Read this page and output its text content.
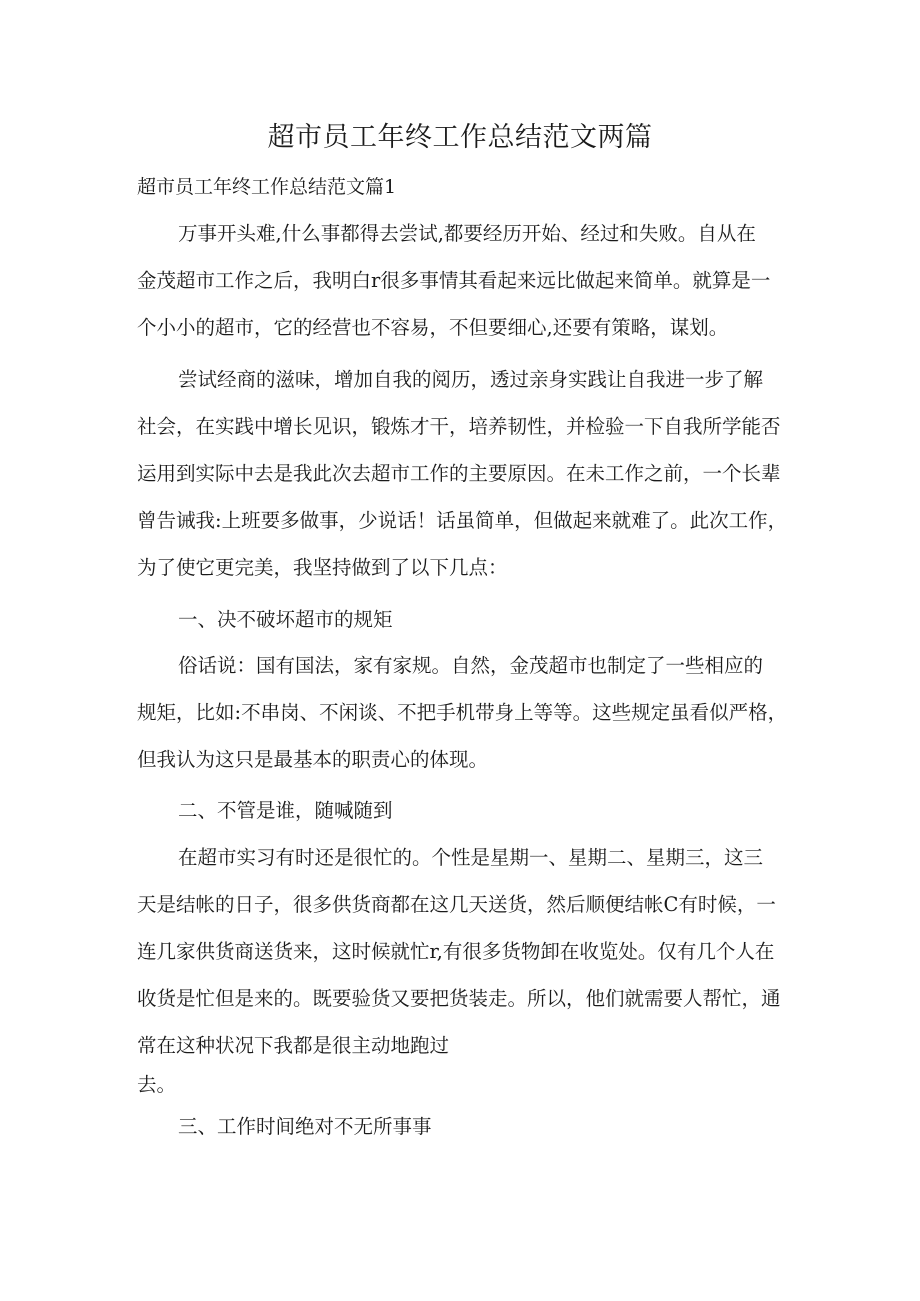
超市员工年终工作总结范文两篇

超市员工年终工作总结范文篇1

万事开头难,什么事都得去尝试,都要经历开始、经过和失败。自从在
金茂超市工作之后，我明白r很多事情其看起来远比做起来简单。就算是一
个小小的超市，它的经营也不容易，不但要细心,还要有策略，谋划。
尝试经商的滋味，增加自我的阅历，透过亲身实践让自我进一步了解
社会，在实践中增长见识，锻炼才干，培养韧性，并检验一下自我所学能否
运用到实际中去是我此次去超市工作的主要原因。在未工作之前，一个长辈
曾告诫我:上班要多做事，少说话！话虽简单，但做起来就难了。此次工作，
为了使它更完美，我坚持做到了以下几点：

一、决不破坏超市的规矩

俗话说：国有国法，家有家规。自然，金茂超市也制定了一些相应的
规矩，比如:不串岗、不闲谈、不把手机带身上等等。这些规定虽看似严格，
但我认为这只是最基本的职责心的体现。

二、不管是谁，随喊随到

在超市实习有时还是很忙的。个性是星期一、星期二、星期三，这三
天是结帐的日子，很多供货商都在这几天送货，然后顺便结帐C有时候，一
连几家供货商送货来，这时候就忙r,有很多货物卸在收览处。仅有几个人在
收货是忙但是来的。既要验货又要把货装走。所以，他们就需要人帮忙，通
常在这种状况下我都是很主动地跑过

去。

三、工作时间绝对不无所事事
